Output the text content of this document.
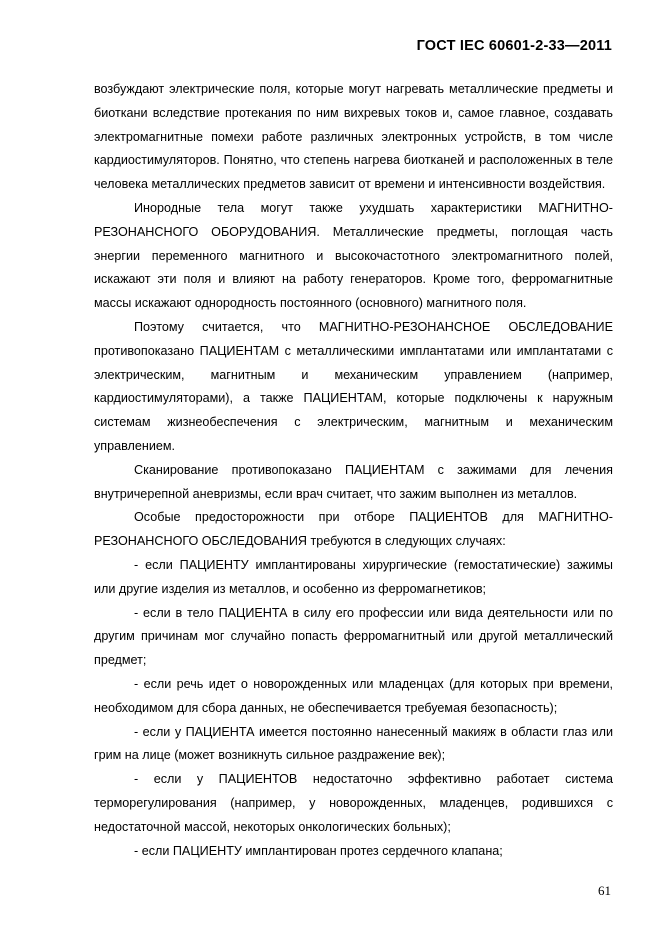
ГОСТ IEC 60601-2-33—2011

возбуждают электрические поля, которые могут нагревать металлические предметы и биоткани вследствие протекания по ним вихревых токов и, самое главное, создавать электромагнитные помехи работе различных электронных устройств, в том числе кардиостимуляторов. Понятно, что степень нагрева биотканей и расположенных в теле человека металлических предметов зависит от времени и интенсивности воздействия.

Инородные тела могут также ухудшать характеристики МАГНИТНО-РЕЗОНАНСНОГО ОБОРУДОВАНИЯ. Металлические предметы, поглощая часть энергии переменного магнитного и высокочастотного электромагнитного полей, искажают эти поля и влияют на работу генераторов. Кроме того, ферромагнитные массы искажают однородность постоянного (основного) магнитного поля.

Поэтому считается, что МАГНИТНО-РЕЗОНАНСНОЕ ОБСЛЕДОВАНИЕ противопоказано ПАЦИЕНТАМ с металлическими имплантатами или имплантатами с электрическим, магнитным и механическим управлением (например, кардиостимуляторами), а также ПАЦИЕНТАМ, которые подключены к наружным системам жизнеобеспечения с электрическим, магнитным и механическим управлением.

Сканирование противопоказано ПАЦИЕНТАМ с зажимами для лечения внутричерепной аневризмы, если врач считает, что зажим выполнен из металлов.

Особые предосторожности при отборе ПАЦИЕНТОВ для МАГНИТНО-РЕЗОНАНСНОГО ОБСЛЕДОВАНИЯ требуются в следующих случаях:

- если ПАЦИЕНТУ имплантированы хирургические (гемостатические) зажимы или другие изделия из металлов, и особенно из ферромагнетиков;

- если в тело ПАЦИЕНТА в силу его профессии или вида деятельности или по другим причинам мог случайно попасть ферромагнитный или другой металлический предмет;

- если речь идет о новорожденных или младенцах (для которых при времени, необходимом для сбора данных, не обеспечивается требуемая безопасность);

- если у ПАЦИЕНТА имеется постоянно нанесенный макияж в области глаз или грим на лице (может возникнуть сильное раздражение век);

- если у ПАЦИЕНТОВ недостаточно эффективно работает система терморегулирования (например, у новорожденных, младенцев, родившихся с недостаточной массой, некоторых онкологических больных);

- если ПАЦИЕНТУ имплантирован протез сердечного клапана;

61
